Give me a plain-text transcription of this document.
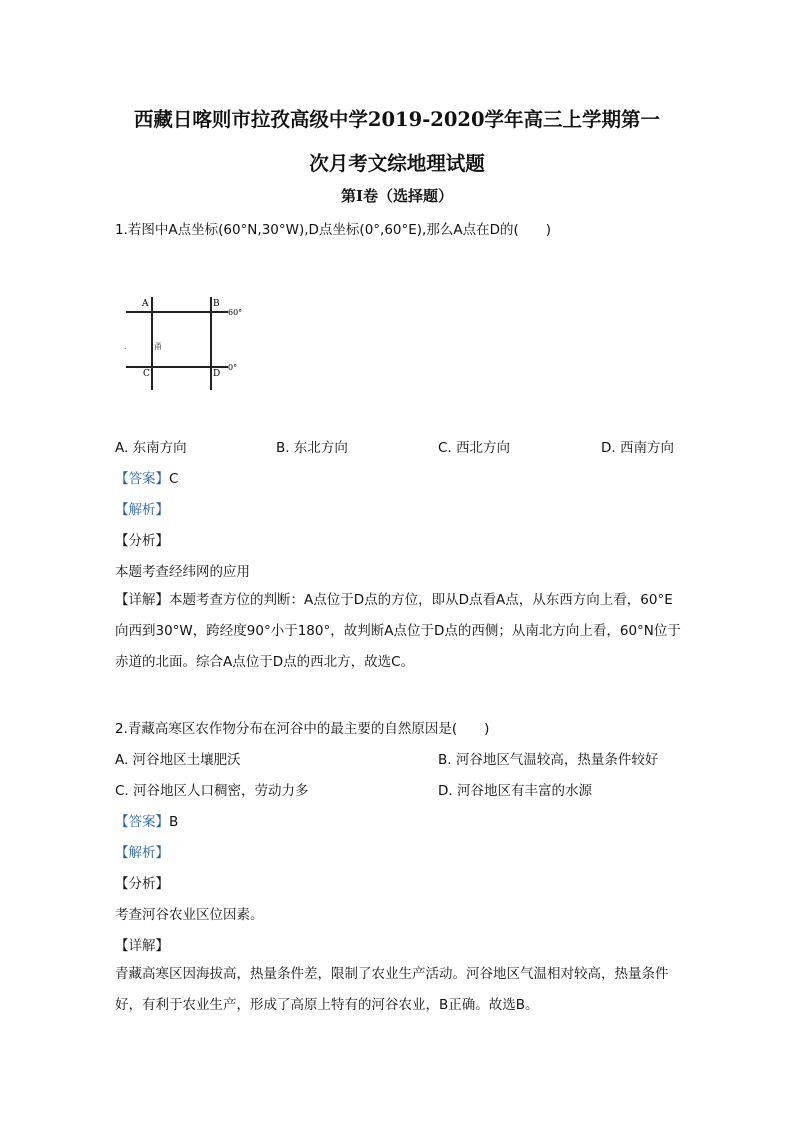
西藏日喀则市拉孜高级中学2019-2020学年高三上学期第一
次月考文综地理试题
第Ⅰ卷（选择题）
1.若图中A点坐标(60°N,30°W),D点坐标(0°,60°E),那么A点在D的(　　)
A	B
C	D
60°
0°
甬
.
A. 东南方向	B. 东北方向	C. 西北方向	D. 西南方向
【答案】C
【解析】
【分析】
本题考查经纬网的应用
【详解】本题考查方位的判断：A点位于D点的方位，即从D点看A点，从东西方向上看，60°E向西到30°W，跨经度90°小于180°，故判断A点位于D点的西侧；从南北方向上看，60°N位于赤道的北面。综合A点位于D点的西北方，故选C。
2.青藏高寒区农作物分布在河谷中的最主要的自然原因是(　　)
A. 河谷地区土壤肥沃	B. 河谷地区气温较高，热量条件较好
C. 河谷地区人口稠密，劳动力多	D. 河谷地区有丰富的水源
【答案】B
【解析】
【分析】
考查河谷农业区位因素。
【详解】
青藏高寒区因海拔高，热量条件差，限制了农业生产活动。河谷地区气温相对较高，热量条件好，有利于农业生产，形成了高原上特有的河谷农业，B正确。故选B。
